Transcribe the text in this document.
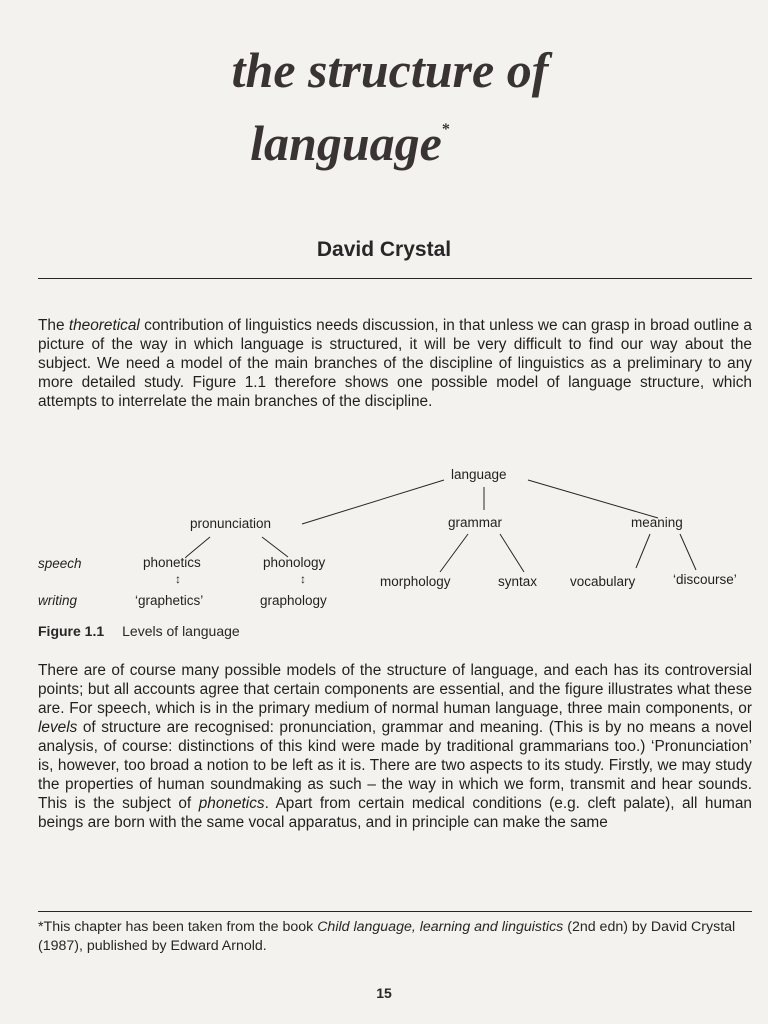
the structure of
language*

David Crystal

The theoretical contribution of linguistics needs discussion, in that unless we can grasp in broad outline a picture of the way in which language is structured, it will be very difficult to find our way about the subject. We need a model of the main branches of the discipline of linguistics as a preliminary to any more detailed study. Figure 1.1 therefore shows one possible model of language structure, which attempts to interrelate the main branches of the discipline.

language
pronunciation	grammar	meaning
speech
writing
phonetics	phonology
↕	↕
‘graphetics’	graphology
morphology	syntax vocabulary	‘discourse’

Figure 1.1 Levels of language

There are of course many possible models of the structure of language, and each has its controversial points; but all accounts agree that certain components are essential, and the figure illustrates what these are. For speech, which is in the primary medium of normal human language, three main components, or levels of structure are recognised: pronunciation, grammar and meaning. (This is by no means a novel analysis, of course: distinctions of this kind were made by traditional grammarians too.) ‘Pronunciation’ is, however, too broad a notion to be left as it is. There are two aspects to its study. Firstly, we may study the properties of human soundmaking as such – the way in which we form, transmit and hear sounds. This is the subject of phonetics. Apart from certain medical conditions (e.g. cleft palate), all human beings are born with the same vocal apparatus, and in principle can make the same

*This chapter has been taken from the book Child language, learning and linguistics (2nd edn) by David Crystal (1987), published by Edward Arnold.

15
